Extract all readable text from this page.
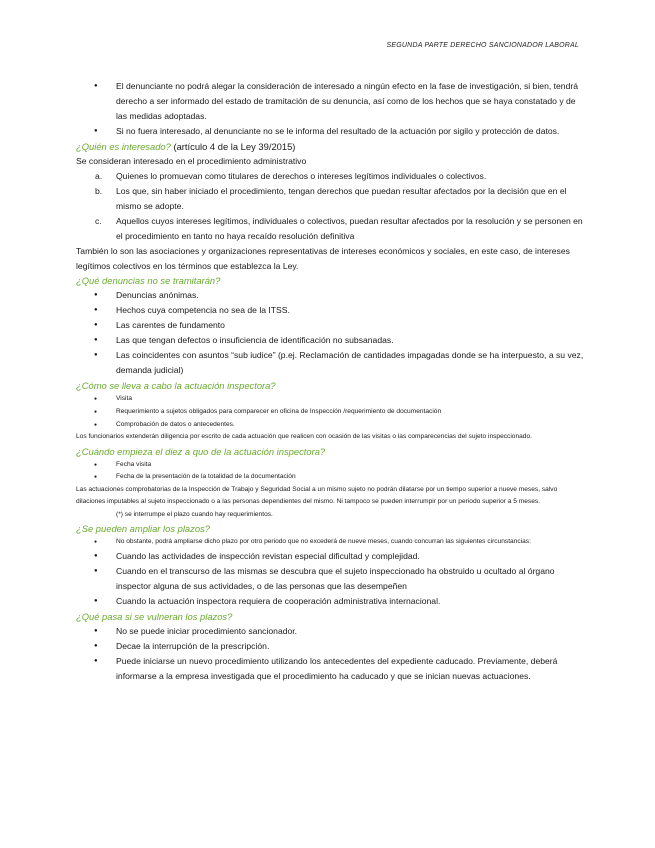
SEGUNDA PARTE DERECHO SANCIONADOR LABORAL
● El denunciante no podrá alegar la consideración de interesado a ningún efecto en la fase de investigación, si bien, tendrá derecho a ser informado del estado de tramitación de su denuncia, así como de los hechos que se haya constatado y de las medidas adoptadas.
● Si no fuera interesado, al denunciante no se le informa del resultado de la actuación por sigilo y protección de datos.

¿Quién es interesado? (artículo 4 de la Ley 39/2015)

Se consideran interesado en el procedimiento administrativo

a. Quienes lo promuevan como titulares de derechos o intereses legítimos individuales o colectivos.
b. Los que, sin haber iniciado el procedimiento, tengan derechos que puedan resultar afectados por la decisión que en el mismo se adopte.
c. Aquellos cuyos intereses legítimos, individuales o colectivos, puedan resultar afectados por la resolución y se personen en el procedimiento en tanto no haya recaído resolución definitiva

También lo son las asociaciones y organizaciones representativas de intereses económicos y sociales, en este caso, de intereses legítimos colectivos en los términos que establezca la Ley.

¿Qué denuncias no se tramitarán?

● Denuncias anónimas.
● Hechos cuya competencia no sea de la ITSS.
● Las carentes de fundamento
● Las que tengan defectos o insuficiencia de identificación no subsanadas.
● Las coincidentes con asuntos “sub iudice” (p.ej. Reclamación de cantidades impagadas donde se ha interpuesto, a su vez, demanda judicial)

¿Cómo se lleva a cabo la actuación inspectora?

● Visita
● Requerimiento a sujetos obligados para comparecer en oficina de Inspección /requerimiento de documentación
● Comprobación de datos o antecedentes.

Los funcionarios extenderán diligencia por escrito de cada actuación que realicen con ocasión de las visitas o las comparecencias del sujeto inspeccionado.

¿Cuándo empieza el diez a quo de la actuación inspectora?

● Fecha visita
● Fecha de la presentación de la totalidad de la documentación

Las actuaciones comprobatorias de la Inspección de Trabajo y Seguridad Social a un mismo sujeto no podrán dilatarse por un tiempo superior a nueve meses, salvo dilaciones imputables al sujeto inspeccionado o a las personas dependientes del mismo. Ni tampoco se pueden interrumpir por un periodo superior a 5 meses.

(*) se interrumpe el plazo cuando hay requerimientos.

¿Se pueden ampliar los plazos?

● No obstante, podrá ampliarse dicho plazo por otro periodo que no excederá de nueve meses, cuando concurran las siguientes circunstancias:
● Cuando las actividades de inspección revistan especial dificultad y complejidad.
● Cuando en el transcurso de las mismas se descubra que el sujeto inspeccionado ha obstruido u ocultado al órgano inspector alguna de sus actividades, o de las personas que las desempeñen
● Cuando la actuación inspectora requiera de cooperación administrativa internacional.

¿Qué pasa si se vulneran los plazos?

● No se puede iniciar procedimiento sancionador.
● Decae la interrupción de la prescripción.
● Puede iniciarse un nuevo procedimiento utilizando los antecedentes del expediente caducado. Previamente, deberá informarse a la empresa investigada que el procedimiento ha caducado y que se inician nuevas actuaciones.
